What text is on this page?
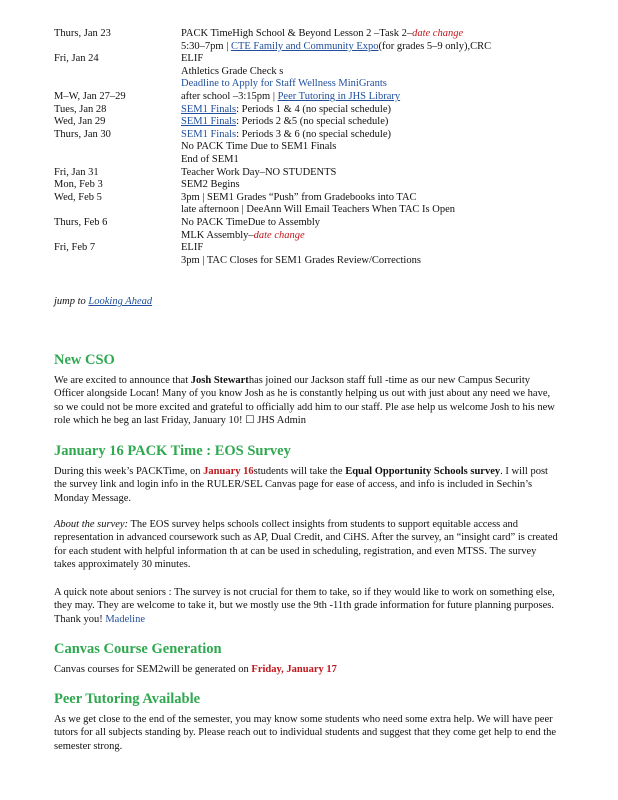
Thurs, Jan 23	PACK TimeHigh School & Beyond Lesson 2 –Task 2–date change
5:30–7pm | CTE Family and Community Expo(for grades 5–9 only),CRC
Fri, Jan 24	ELIF
Athletics Grade Check s
Deadline to Apply for Staff Wellness MiniGrants
M–W, Jan 27–29	after school –3:15pm | Peer Tutoring in JHS Library
Tues, Jan 28	SEM1 Finals: Periods 1 & 4 (no special schedule)
Wed, Jan 29	SEM1 Finals: Periods 2 &5 (no special schedule)
Thurs, Jan 30	SEM1 Finals: Periods 3 & 6 (no special schedule)
No PACK Time Due to SEM1 Finals
End of SEM1
Fri, Jan 31	Teacher Work Day–NO STUDENTS
Mon, Feb 3	SEM2 Begins
Wed, Feb 5	3pm | SEM1 Grades “Push” from Gradebooks into TAC
late afternoon | DeeAnn Will Email Teachers When TAC Is Open
Thurs, Feb 6	No PACK TimeDue to Assembly
MLK Assembly–date change
Fri, Feb 7	ELIF
3pm | TAC Closes for SEM1 Grades Review/Corrections
jump to Looking Ahead
New CSO

We are excited to announce that Josh Stewarthas joined our Jackson staff full -time as our new Campus Security Officer alongside Locan! Many of you know Josh as he is constantly helping us out with just about any need we have, so we could not be more excited and grateful to officially add him to our staff. Ple ase help us welcome Josh to his new role which he beg an last Friday, January 10! ☐ JHS Admin

January 16 PACK Time : EOS Survey

During this week’s PACKTime, on January 16students will take the Equal Opportunity Schools survey. I will post the survey link and login info in the RULER/SEL Canvas page for ease of access, and info is included in Sechin’s Monday Message.

About the survey: The EOS survey helps schools collect insights from students to support equitable access and representation in advanced coursework such as AP, Dual Credit, and CiHS. After the survey, an “insight card” is created for each student with helpful information th at can be used in scheduling, registration, and even MTSS. The survey takes approximately 30 minutes.

A quick note about seniors : The survey is not crucial for them to take, so if they would like to work on something else, they may. They are welcome to take it, but we mostly use the 9th -11th grade information for future planning purposes. Thank you! Madeline

Canvas Course Generation

Canvas courses for SEM2will be generated on Friday, January 17

Peer Tutoring Available

As we get close to the end of the semester, you may know some students who need some extra help. We will have peer tutors for all subjects standing by. Please reach out to individual students and suggest that they come get help to end the semester strong.
